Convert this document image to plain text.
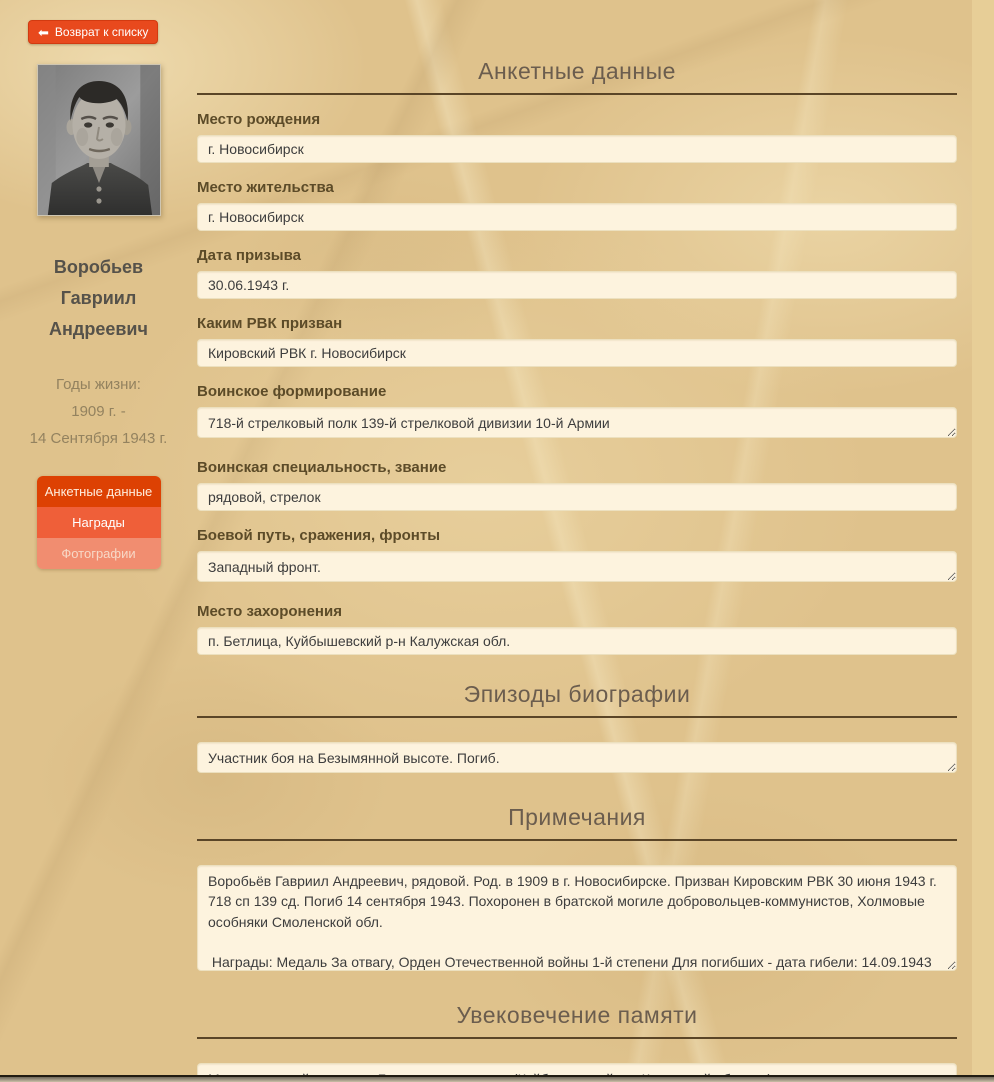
⬅ Возврат к списку
Воробьев
Гавриил
Андреевич
Годы жизни:
1909 г. -
14 Сентября 1943 г.
Анкетные данные
Награды
Фотографии
Анкетные данные
Место рождения
г. Новосибирск
Место жительства
г. Новосибирск
Дата призыва
30.06.1943 г.
Каким РВК призван
Кировский РВК г. Новосибирск
Воинское формирование
718-й стрелковый полк 139-й стрелковой дивизии 10-й Армии
Воинская специальность, звание
рядовой, стрелок
Боевой путь, сражения, фронты
Западный фронт.
Место захоронения
п. Бетлица, Куйбышевский р-н Калужская обл.
Эпизоды биографии
Участник боя на Безымянной высоте. Погиб.
Примечания
Воробьёв Гавриил Андреевич, рядовой. Род. в 1909 в г. Новосибирске. Призван Кировским РВК 30 июня 1943 г. 718 сп 139 сд. Погиб 14 сентября 1943. Похоронен в братской могиле добровольцев-коммунистов, Холмовые особняки Смоленской обл. Награды: Медаль За отвагу, Орден Отечественной войны 1-й степени Для погибших - дата гибели: 14.09.1943 Доп.материалы: Фото.Книга Памятники новосибирцам защитникам Отечества
Увековечение памяти
Мемориальный комплекс Безымянная высота (Куйбышевский р-н Калужской области)
